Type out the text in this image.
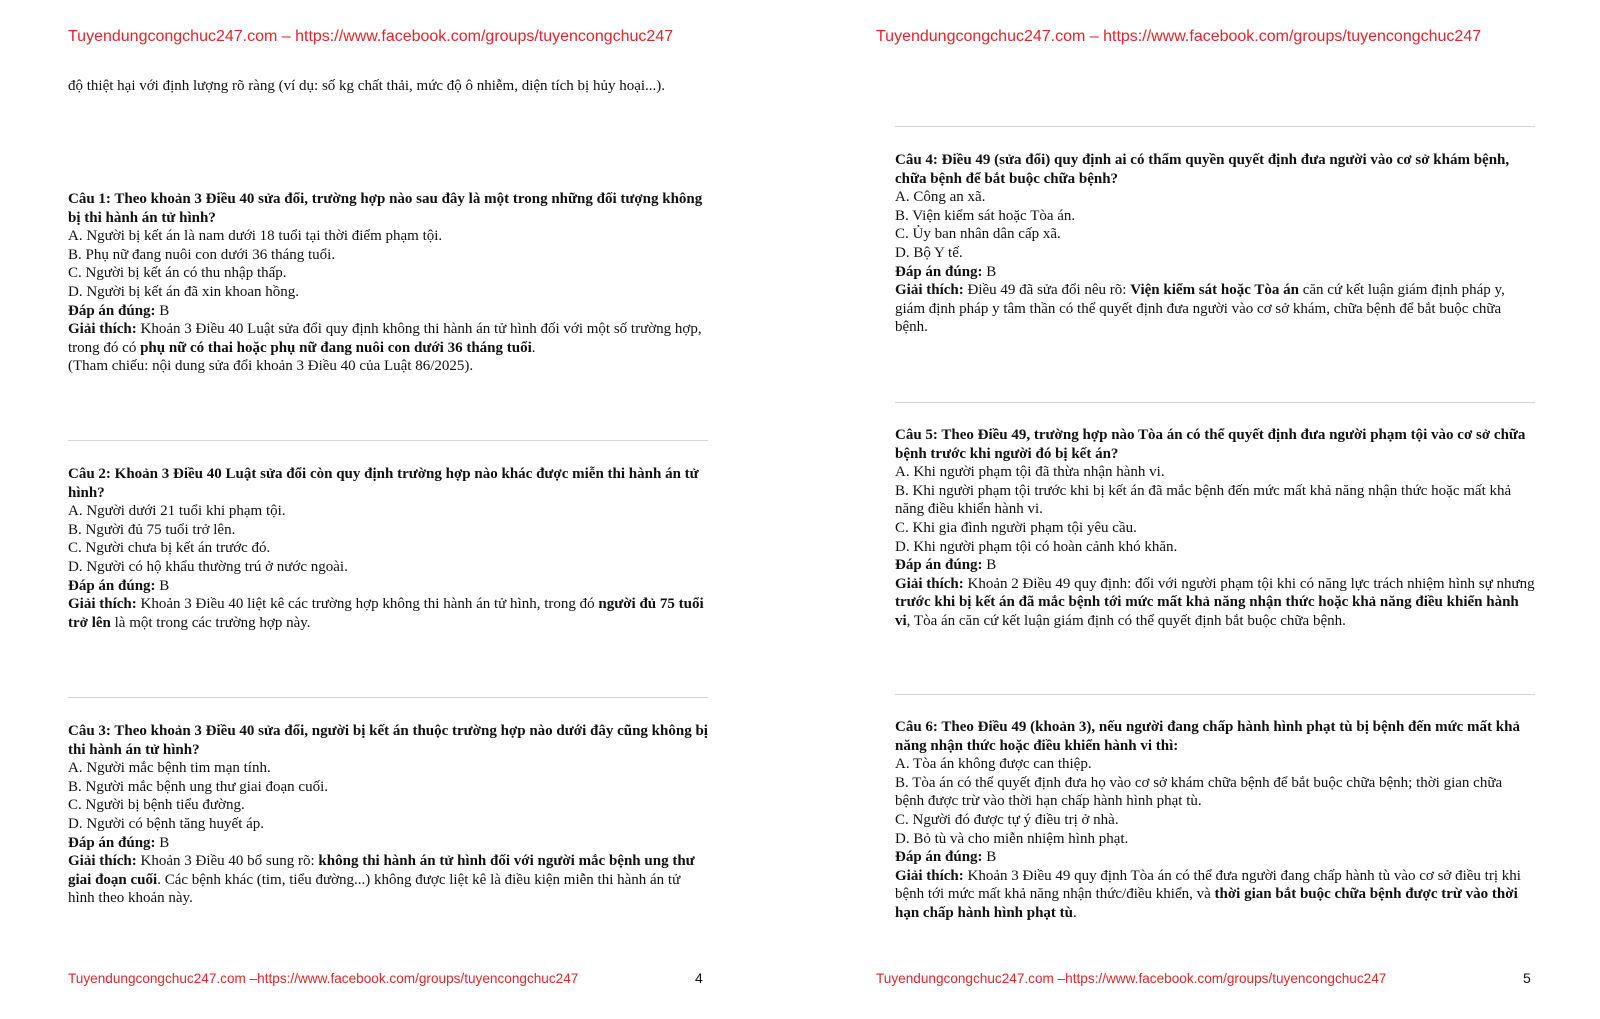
Tuyendungcongchuc247.com – https://www.facebook.com/groups/tuyencongchuc247

độ thiệt hại với định lượng rõ ràng (ví dụ: số kg chất thải, mức độ ô nhiễm, diện tích bị hủy hoại...).

Câu 1: Theo khoản 3 Điều 40 sửa đổi, trường hợp nào sau đây là một trong những đối tượng không bị thi hành án tử hình?

A. Người bị kết án là nam dưới 18 tuổi tại thời điểm phạm tội.

B. Phụ nữ đang nuôi con dưới 36 tháng tuổi.

C. Người bị kết án có thu nhập thấp.

D. Người bị kết án đã xin khoan hồng.

Đáp án đúng: B

Giải thích: Khoản 3 Điều 40 Luật sửa đổi quy định không thi hành án tử hình đối với một số trường hợp, trong đó có phụ nữ có thai hoặc phụ nữ đang nuôi con dưới 36 tháng tuổi.

(Tham chiếu: nội dung sửa đổi khoản 3 Điều 40 của Luật 86/2025).

Câu 2: Khoản 3 Điều 40 Luật sửa đổi còn quy định trường hợp nào khác được miễn thi hành án tử hình?

A. Người dưới 21 tuổi khi phạm tội.

B. Người đủ 75 tuổi trở lên.

C. Người chưa bị kết án trước đó.

D. Người có hộ khẩu thường trú ở nước ngoài.

Đáp án đúng: B

Giải thích: Khoản 3 Điều 40 liệt kê các trường hợp không thi hành án tử hình, trong đó người đủ 75 tuổi trở lên là một trong các trường hợp này.

Câu 3: Theo khoản 3 Điều 40 sửa đổi, người bị kết án thuộc trường hợp nào dưới đây cũng không bị thi hành án tử hình?

A. Người mắc bệnh tim mạn tính.

B. Người mắc bệnh ung thư giai đoạn cuối.

C. Người bị bệnh tiểu đường.

D. Người có bệnh tăng huyết áp.

Đáp án đúng: B

Giải thích: Khoản 3 Điều 40 bổ sung rõ: không thi hành án tử hình đối với người mắc bệnh ung thư giai đoạn cuối. Các bệnh khác (tim, tiểu đường...) không được liệt kê là điều kiện miễn thi hành án tử hình theo khoản này.

Tuyendungcongchuc247.com –https://www.facebook.com/groups/tuyencongchuc247	4
Tuyendungcongchuc247.com – https://www.facebook.com/groups/tuyencongchuc247

Câu 4: Điều 49 (sửa đổi) quy định ai có thẩm quyền quyết định đưa người vào cơ sở khám bệnh, chữa bệnh để bắt buộc chữa bệnh?

A. Công an xã.

B. Viện kiểm sát hoặc Tòa án.

C. Ủy ban nhân dân cấp xã.

D. Bộ Y tế.

Đáp án đúng: B

Giải thích: Điều 49 đã sửa đổi nêu rõ: Viện kiểm sát hoặc Tòa án căn cứ kết luận giám định pháp y, giám định pháp y tâm thần có thể quyết định đưa người vào cơ sở khám, chữa bệnh để bắt buộc chữa bệnh.

Câu 5: Theo Điều 49, trường hợp nào Tòa án có thể quyết định đưa người phạm tội vào cơ sở chữa bệnh trước khi người đó bị kết án?

A. Khi người phạm tội đã thừa nhận hành vi.

B. Khi người phạm tội trước khi bị kết án đã mắc bệnh đến mức mất khả năng nhận thức hoặc mất khả năng điều khiển hành vi.

C. Khi gia đình người phạm tội yêu cầu.

D. Khi người phạm tội có hoàn cảnh khó khăn.

Đáp án đúng: B

Giải thích: Khoản 2 Điều 49 quy định: đối với người phạm tội khi có năng lực trách nhiệm hình sự nhưng trước khi bị kết án đã mắc bệnh tới mức mất khả năng nhận thức hoặc khả năng điều khiển hành vi, Tòa án căn cứ kết luận giám định có thể quyết định bắt buộc chữa bệnh.

Câu 6: Theo Điều 49 (khoản 3), nếu người đang chấp hành hình phạt tù bị bệnh đến mức mất khả năng nhận thức hoặc điều khiển hành vi thì:

A. Tòa án không được can thiệp.

B. Tòa án có thể quyết định đưa họ vào cơ sở khám chữa bệnh để bắt buộc chữa bệnh; thời gian chữa bệnh được trừ vào thời hạn chấp hành hình phạt tù.

C. Người đó được tự ý điều trị ở nhà.

D. Bỏ tù và cho miễn nhiệm hình phạt.

Đáp án đúng: B

Giải thích: Khoản 3 Điều 49 quy định Tòa án có thể đưa người đang chấp hành tù vào cơ sở điều trị khi bệnh tới mức mất khả năng nhận thức/điều khiển, và thời gian bắt buộc chữa bệnh được trừ vào thời hạn chấp hành hình phạt tù.

Tuyendungcongchuc247.com –https://www.facebook.com/groups/tuyencongchuc247	5
